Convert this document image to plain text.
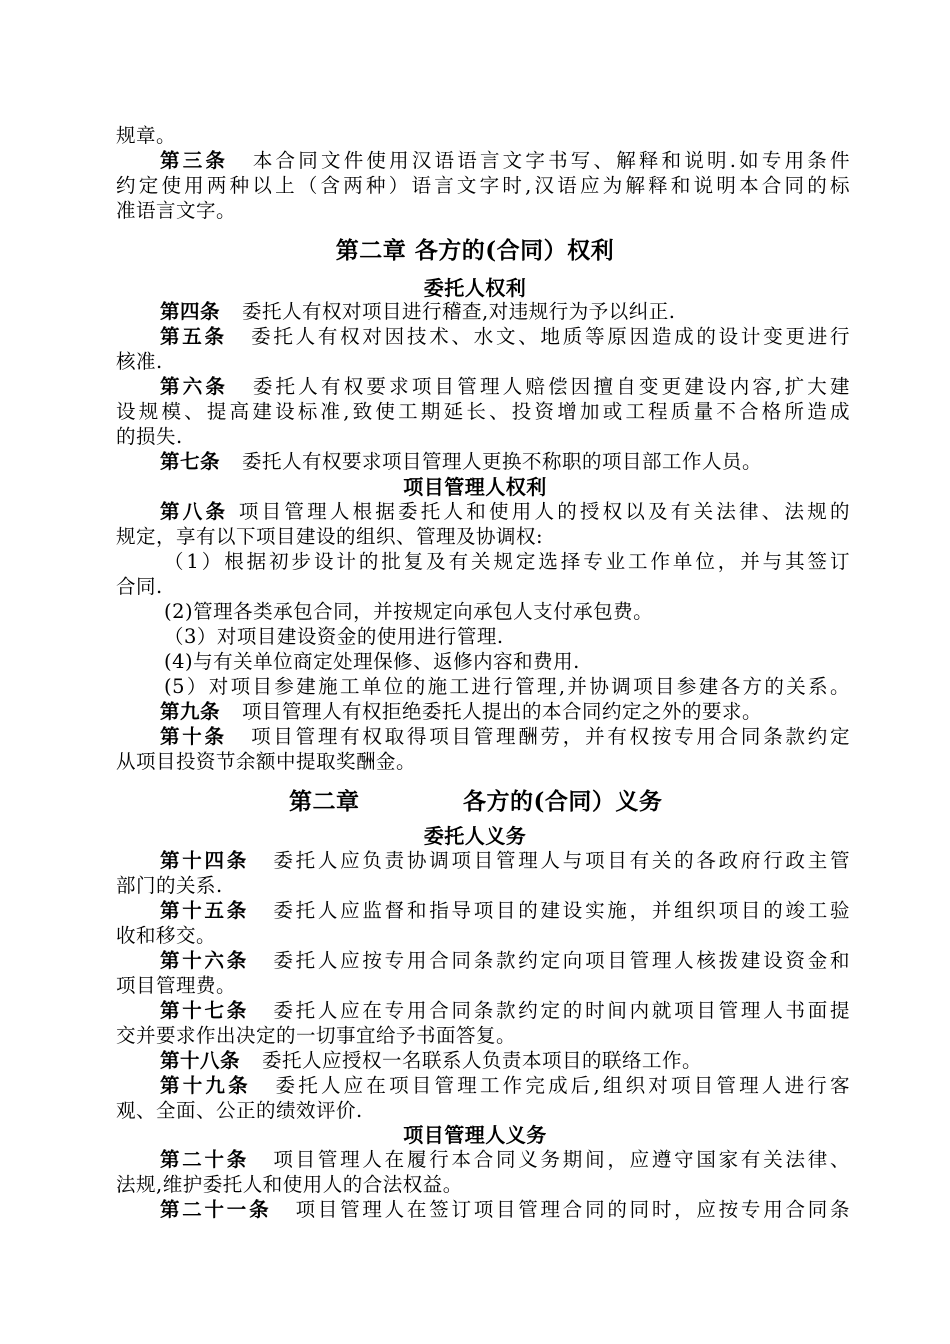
规章。
第三条 本合同文件使用汉语语言文字书写、解释和说明.如专用条件
约定使用两种以上（含两种）语言文字时,汉语应为解释和说明本合同的标
准语言文字。
第二章 各方的(合同）权利
委托人权利
第四条 委托人有权对项目进行稽查,对违规行为予以纠正.
第五条 委托人有权对因技术、水文、地质等原因造成的设计变更进行
核准.
第六条 委托人有权要求项目管理人赔偿因擅自变更建设内容,扩大建
设规模、提高建设标准,致使工期延长、投资增加或工程质量不合格所造成
的损失.
第七条 委托人有权要求项目管理人更换不称职的项目部工作人员。
项目管理人权利
第八条 项目管理人根据委托人和使用人的授权以及有关法律、法规的
规定，享有以下项目建设的组织、管理及协调权:
（1）根据初步设计的批复及有关规定选择专业工作单位，并与其签订
合同.
(2)管理各类承包合同，并按规定向承包人支付承包费。
（3）对项目建设资金的使用进行管理.
(4)与有关单位商定处理保修、返修内容和费用.
(5）对项目参建施工单位的施工进行管理,并协调项目参建各方的关系。
第九条 项目管理人有权拒绝委托人提出的本合同约定之外的要求。
第十条 项目管理有权取得项目管理酬劳，并有权按专用合同条款约定
从项目投资节余额中提取奖酬金。
第二章	各方的(合同）义务
委托人义务
第十四条 委托人应负责协调项目管理人与项目有关的各政府行政主管
部门的关系.
第十五条 委托人应监督和指导项目的建设实施，并组织项目的竣工验
收和移交。
第十六条 委托人应按专用合同条款约定向项目管理人核拨建设资金和
项目管理费。
第十七条 委托人应在专用合同条款约定的时间内就项目管理人书面提
交并要求作出决定的一切事宜给予书面答复。
第十八条 委托人应授权一名联系人负责本项目的联络工作。
第十九条 委托人应在项目管理工作完成后,组织对项目管理人进行客
观、全面、公正的绩效评价.
项目管理人义务
第二十条 项目管理人在履行本合同义务期间，应遵守国家有关法律、
法规,维护委托人和使用人的合法权益。
第二十一条 项目管理人在签订项目管理合同的同时，应按专用合同条
